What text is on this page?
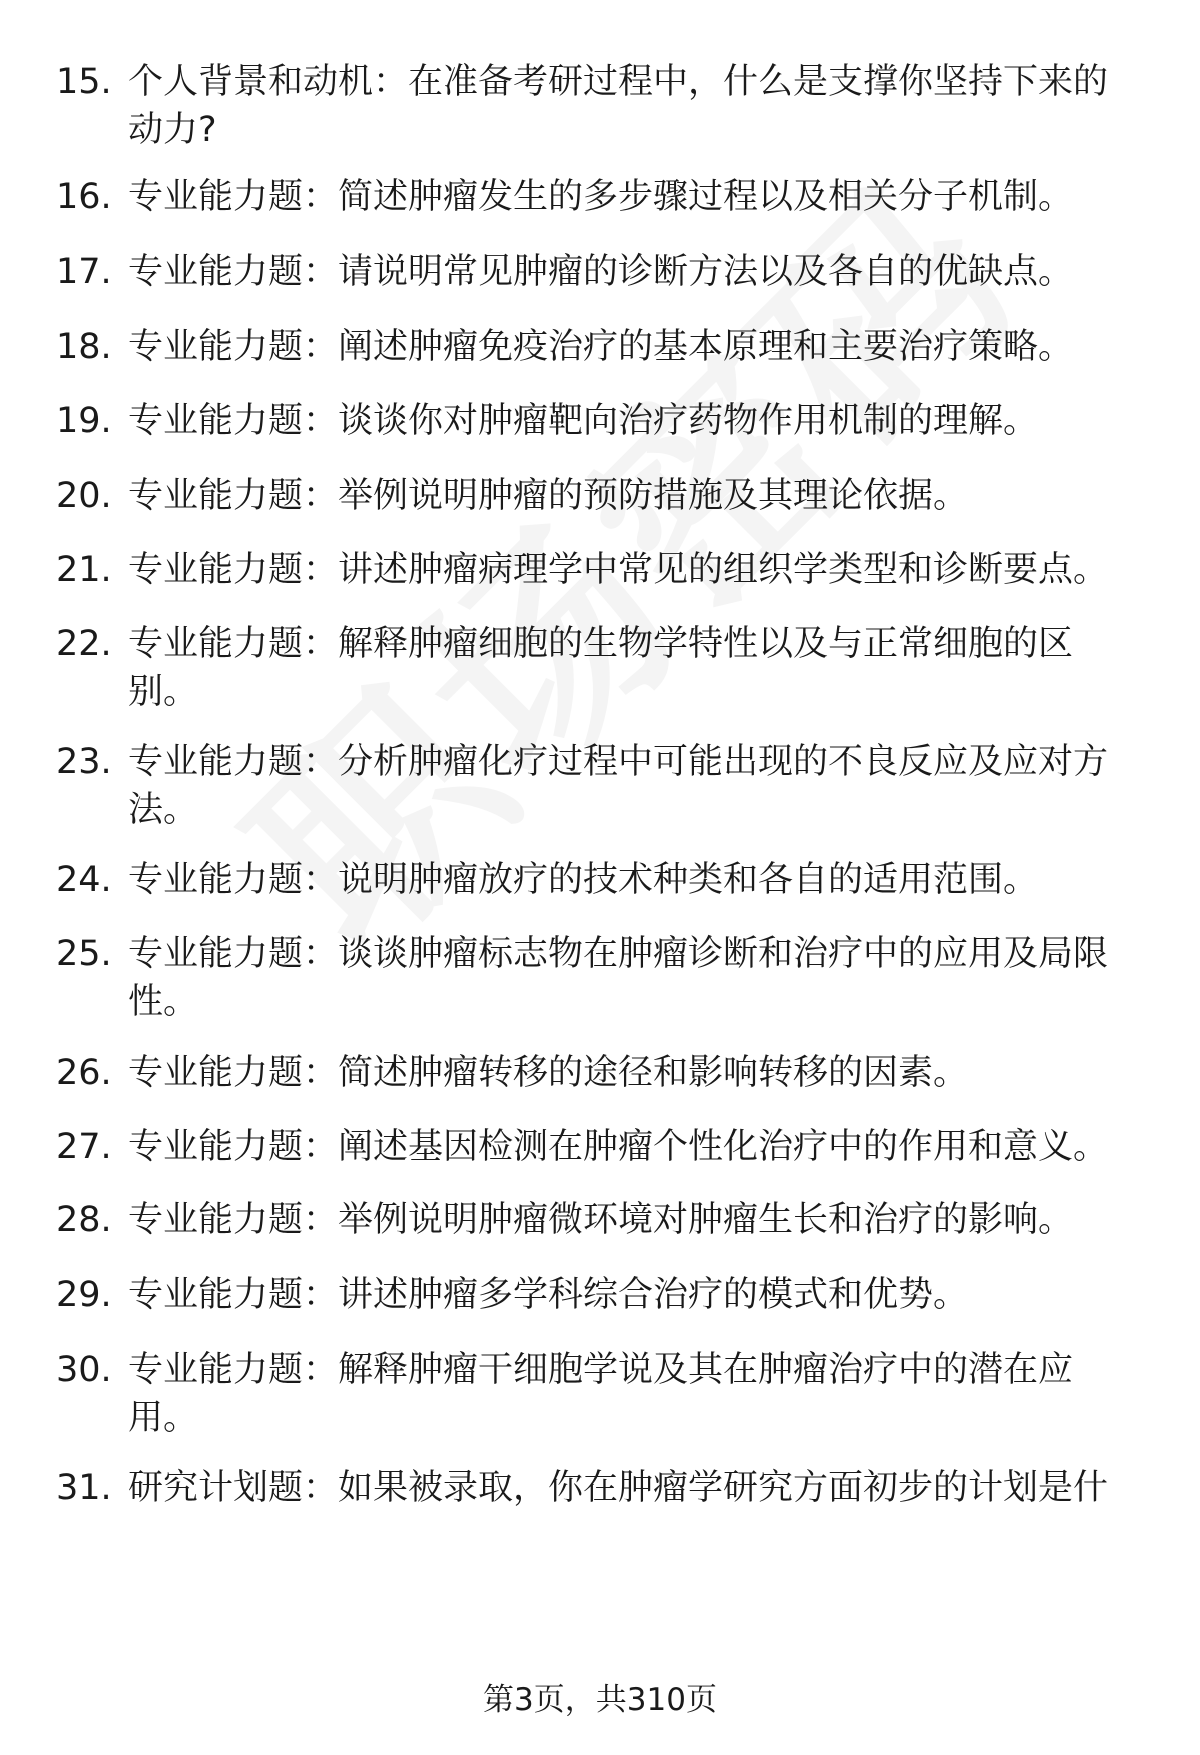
15. 个人背景和动机：在准备考研过程中，什么是支撑你坚持下来的动力?
16. 专业能力题：简述肿瘤发生的多步骤过程以及相关分子机制。
17. 专业能力题：请说明常见肿瘤的诊断方法以及各自的优缺点。
18. 专业能力题：阐述肿瘤免疫治疗的基本原理和主要治疗策略。
19. 专业能力题：谈谈你对肿瘤靶向治疗药物作用机制的理解。
20. 专业能力题：举例说明肿瘤的预防措施及其理论依据。
21. 专业能力题：讲述肿瘤病理学中常见的组织学类型和诊断要点。
22. 专业能力题：解释肿瘤细胞的生物学特性以及与正常细胞的区别。
23. 专业能力题：分析肿瘤化疗过程中可能出现的不良反应及应对方法。
24. 专业能力题：说明肿瘤放疗的技术种类和各自的适用范围。
25. 专业能力题：谈谈肿瘤标志物在肿瘤诊断和治疗中的应用及局限性。
26. 专业能力题：简述肿瘤转移的途径和影响转移的因素。
27. 专业能力题：阐述基因检测在肿瘤个性化治疗中的作用和意义。
28. 专业能力题：举例说明肿瘤微环境对肿瘤生长和治疗的影响。
29. 专业能力题：讲述肿瘤多学科综合治疗的模式和优势。
30. 专业能力题：解释肿瘤干细胞学说及其在肿瘤治疗中的潜在应用。
31. 研究计划题：如果被录取，你在肿瘤学研究方面初步的计划是什
第3页，共310页
